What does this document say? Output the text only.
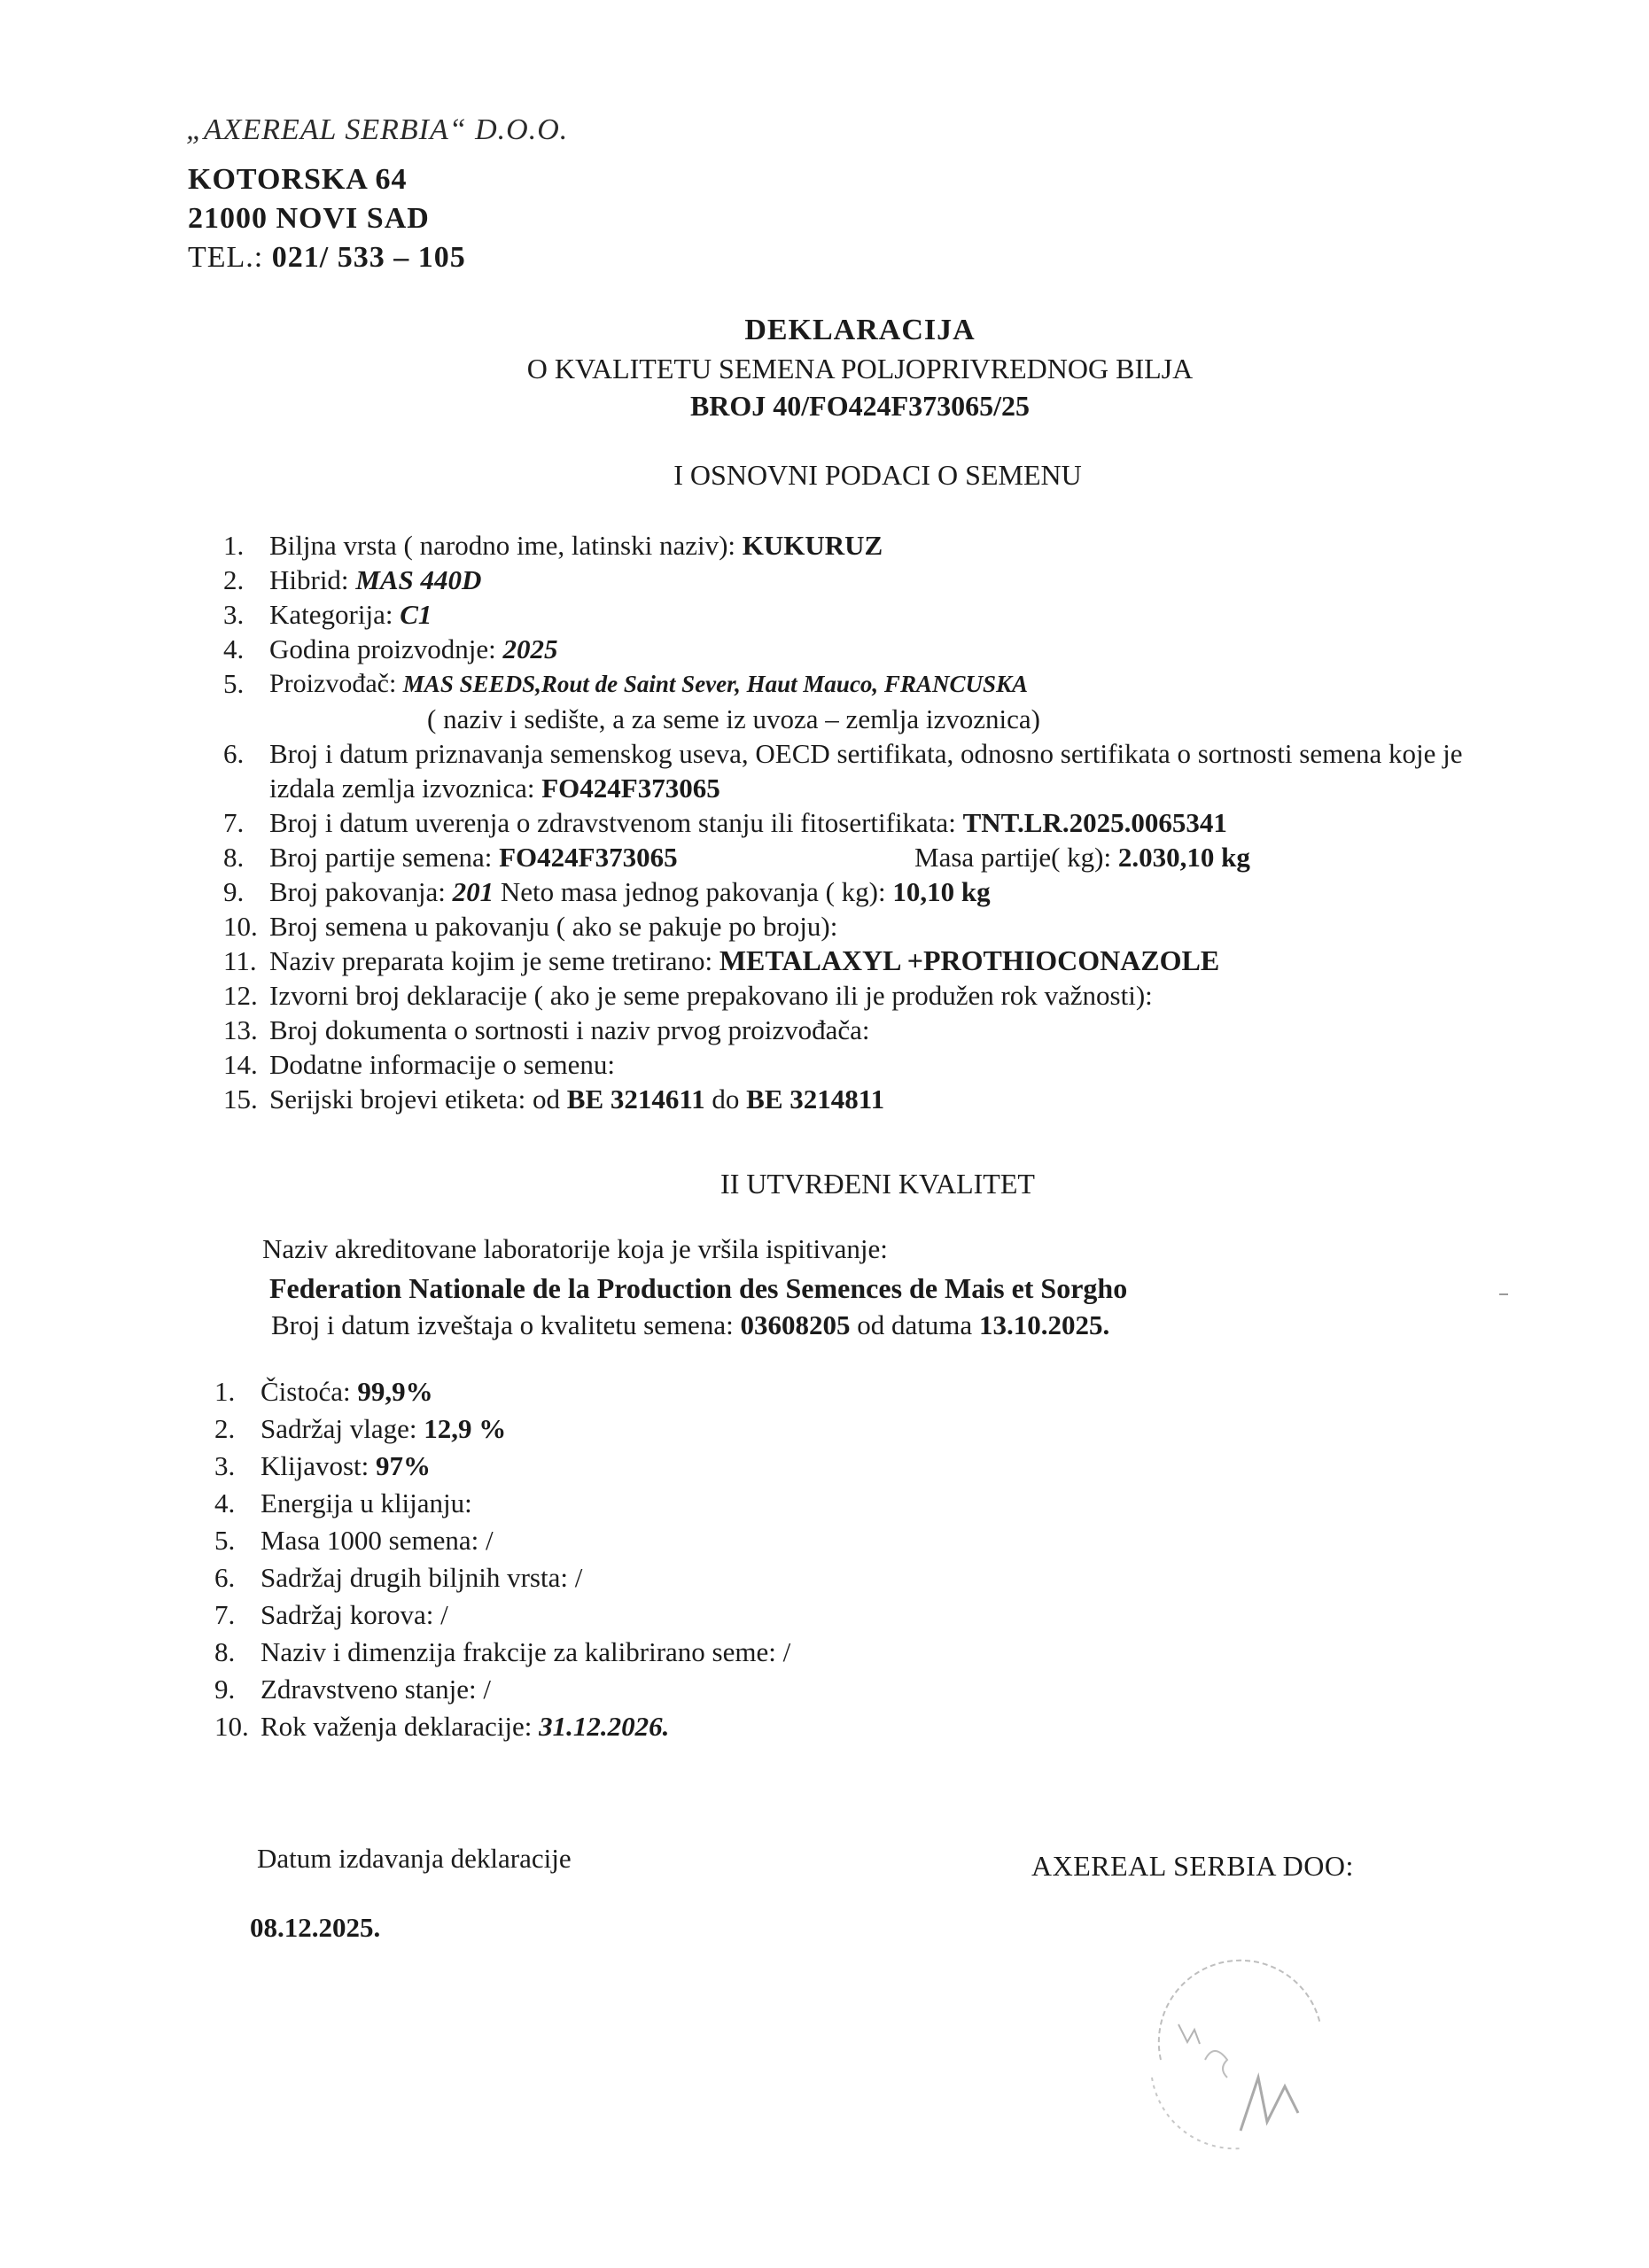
„AXEREAL SERBIA“ D.O.O.
KOTORSKA 64
21000 NOVI SAD
TEL.: 021/ 533 – 105
DEKLARACIJA
O KVALITETU SEMENA POLJOPRIVREDNOG BILJA
BROJ 40/FO424F373065/25
I OSNOVNI PODACI O SEMENU
1. Biljna vrsta ( narodno ime, latinski naziv): KUKURUZ
2. Hibrid: MAS 440D
3. Kategorija: C1
4. Godina proizvodnje: 2025
5. Proizvođač: MAS SEEDS,Rout de Saint Sever, Haut Mauco, FRANCUSKA
( naziv i sedište, a za seme iz uvoza – zemlja izvoznica)
6. Broj i datum priznavanja semenskog useva, OECD sertifikata, odnosno sertifikata o sortnosti semena koje je izdala zemlja izvoznica: FO424F373065
7. Broj i datum uverenja o zdravstvenom stanju ili fitosertifikata: TNT.LR.2025.0065341
8. Broj partije semena: FO424F373065	Masa partije( kg): 2.030,10 kg
9. Broj pakovanja: 201 Neto masa jednog pakovanja ( kg): 10,10 kg
10. Broj semena u pakovanju ( ako se pakuje po broju):
11. Naziv preparata kojim je seme tretirano: METALAXYL +PROTHIOCONAZOLE
12. Izvorni broj deklaracije ( ako je seme prepakovano ili je produžen rok važnosti):
13. Broj dokumenta o sortnosti i naziv prvog proizvođača:
14. Dodatne informacije o semenu:
15. Serijski brojevi etiketa: od BE 3214611 do BE 3214811
II UTVRĐENI KVALITET
Naziv akreditovane laboratorije koja je vršila ispitivanje:
Federation Nationale de la Production des Semences de Mais et Sorgho
Broj i datum izveštaja o kvalitetu semena: 03608205 od datuma 13.10.2025.
1. Čistoća: 99,9%
2. Sadržaj vlage: 12,9 %
3. Klijavost: 97%
4. Energija u klijanju:
5. Masa 1000 semena: /
6. Sadržaj drugih biljnih vrsta: /
7. Sadržaj korova: /
8. Naziv i dimenzija frakcije za kalibrirano seme: /
9. Zdravstveno stanje: /
10. Rok važenja deklaracije: 31.12.2026.
Datum izdavanja deklaracije
08.12.2025.
AXEREAL SERBIA DOO:
